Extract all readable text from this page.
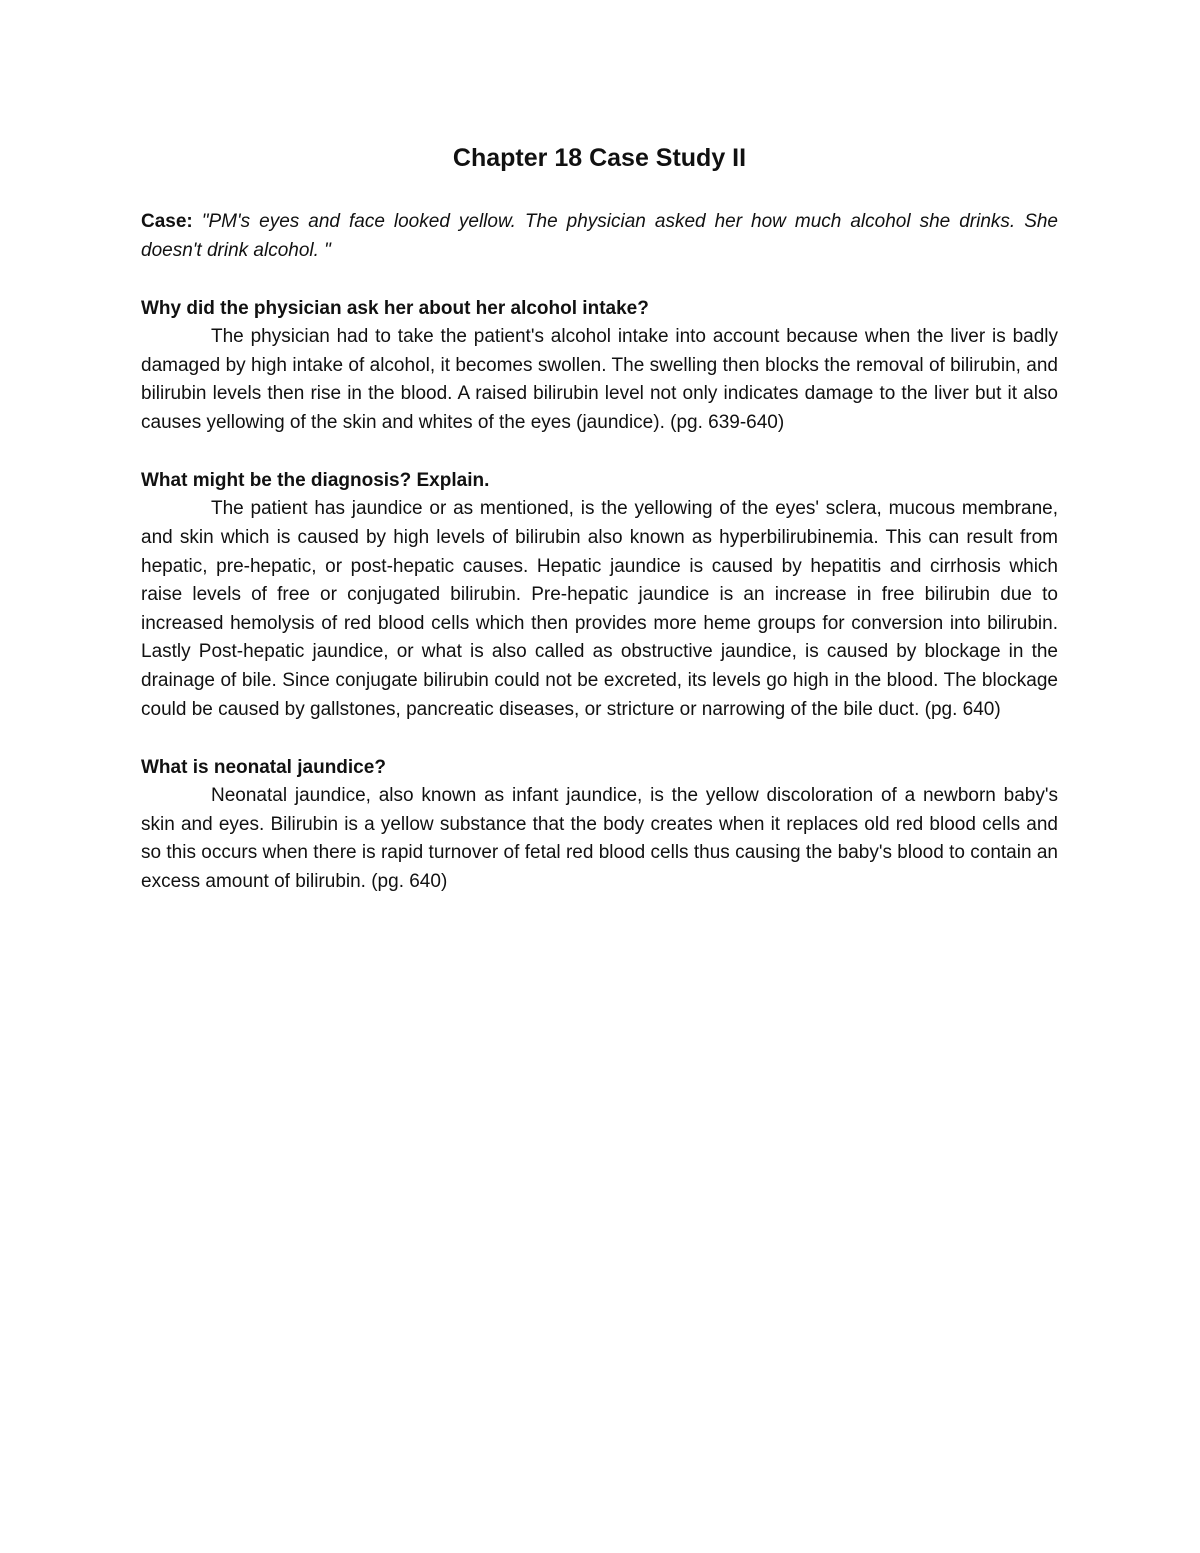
Chapter 18 Case Study II

Case: "PM's eyes and face looked yellow. The physician asked her how much alcohol she drinks. She doesn't drink alcohol. "

Why did the physician ask her about her alcohol intake?

The physician had to take the patient's alcohol intake into account because when the liver is badly damaged by high intake of alcohol, it becomes swollen. The swelling then blocks the removal of bilirubin, and bilirubin levels then rise in the blood. A raised bilirubin level not only indicates damage to the liver but it also causes yellowing of the skin and whites of the eyes (jaundice). (pg. 639-640)

What might be the diagnosis? Explain.

The patient has jaundice or as mentioned, is the yellowing of the eyes' sclera, mucous membrane, and skin which is caused by high levels of bilirubin also known as hyperbilirubinemia. This can result from hepatic, pre-hepatic, or post-hepatic causes. Hepatic jaundice is caused by hepatitis and cirrhosis which raise levels of free or conjugated bilirubin. Pre-hepatic jaundice is an increase in free bilirubin due to increased hemolysis of red blood cells which then provides more heme groups for conversion into bilirubin. Lastly Post-hepatic jaundice, or what is also called as obstructive jaundice, is caused by blockage in the drainage of bile. Since conjugate bilirubin could not be excreted, its levels go high in the blood. The blockage could be caused by gallstones, pancreatic diseases, or stricture or narrowing of the bile duct. (pg. 640)

What is neonatal jaundice?

Neonatal jaundice, also known as infant jaundice, is the yellow discoloration of a newborn baby's skin and eyes. Bilirubin is a yellow substance that the body creates when it replaces old red blood cells and so this occurs when there is rapid turnover of fetal red blood cells thus causing the baby's blood to contain an excess amount of bilirubin. (pg. 640)
